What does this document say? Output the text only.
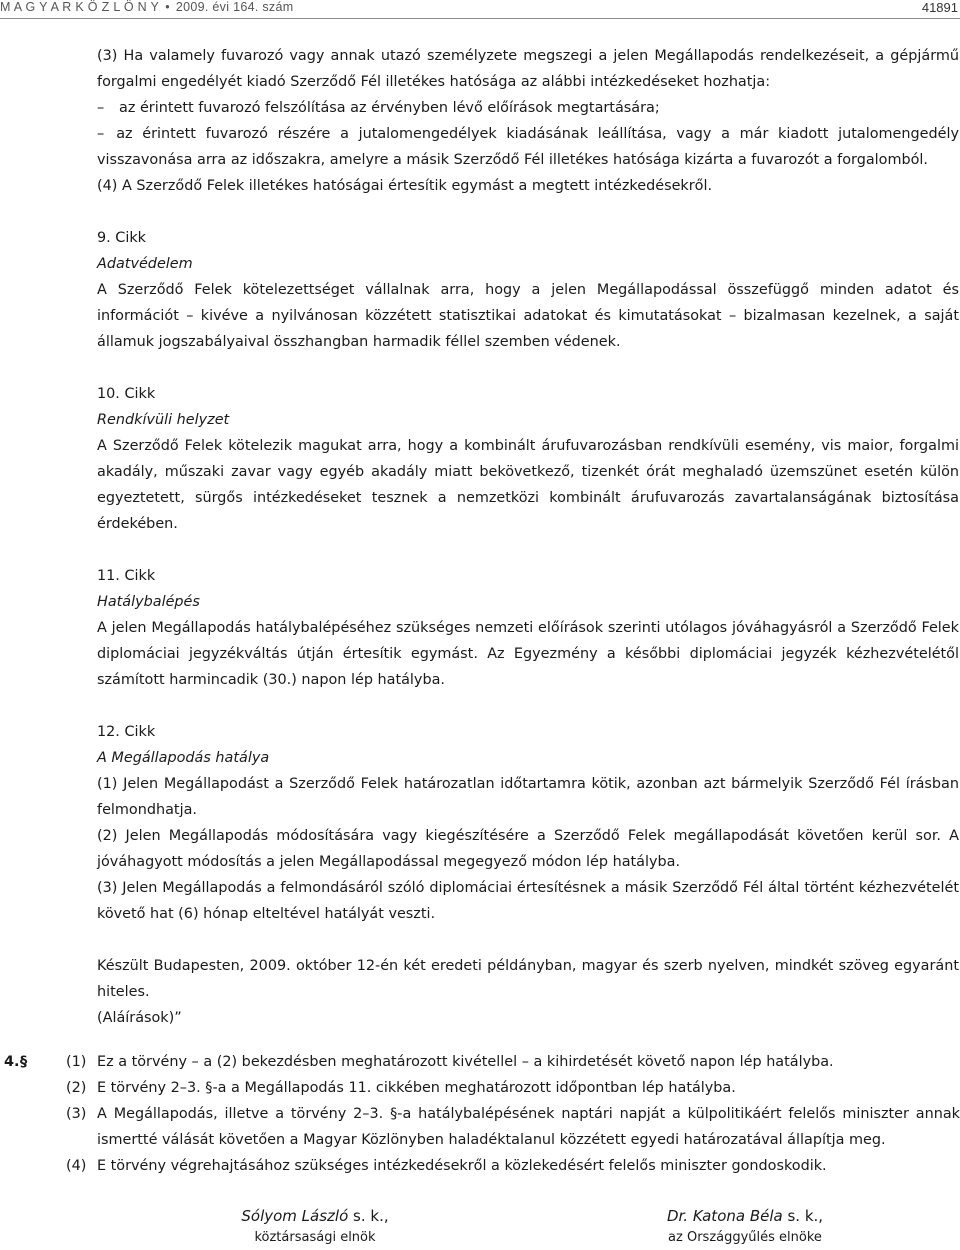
M A G Y A R K Ö Z L Ö N Y • 2009. évi 164. szám	41891

(3) Ha valamely fuvarozó vagy annak utazó személyzete megszegi a jelen Megállapodás rendelkezéseit, a gépjármű forgalmi engedélyét kiadó Szerződő Fél illetékes hatósága az alábbi intézkedéseket hozhatja:

– az érintett fuvarozó felszólítása az érvényben lévő előírások megtartására;
– az érintett fuvarozó részére a jutalomengedélyek kiadásának leállítása, vagy a már kiadott jutalomengedély visszavonása arra az időszakra, amelyre a másik Szerződő Fél illetékes hatósága kizárta a fuvarozót a forgalomból.

(4) A Szerződő Felek illetékes hatóságai értesítik egymást a megtett intézkedésekről.

9. Cikk

Adatvédelem

A Szerződő Felek kötelezettséget vállalnak arra, hogy a jelen Megállapodással összefüggő minden adatot és információt – kivéve a nyilvánosan közzétett statisztikai adatokat és kimutatásokat – bizalmasan kezelnek, a saját államuk jogszabályaival összhangban harmadik féllel szemben védenek.

10. Cikk

Rendkívüli helyzet

A Szerződő Felek kötelezik magukat arra, hogy a kombinált árufuvarozásban rendkívüli esemény, vis maior, forgalmi akadály, műszaki zavar vagy egyéb akadály miatt bekövetkező, tizenkét órát meghaladó üzemszünet esetén külön egyeztetett, sürgős intézkedéseket tesznek a nemzetközi kombinált árufuvarozás zavartalanságának biztosítása érdekében.

11. Cikk

Hatálybalépés

A jelen Megállapodás hatálybalépéséhez szükséges nemzeti előírások szerinti utólagos jóváhagyásról a Szerződő Felek diplomáciai jegyzékváltás útján értesítik egymást. Az Egyezmény a későbbi diplomáciai jegyzék kézhezvételétől számított harmincadik (30.) napon lép hatályba.

12. Cikk

A Megállapodás hatálya

(1) Jelen Megállapodást a Szerződő Felek határozatlan időtartamra kötik, azonban azt bármelyik Szerződő Fél írásban felmondhatja.

(2) Jelen Megállapodás módosítására vagy kiegészítésére a Szerződő Felek megállapodását követően kerül sor. A jóváhagyott módosítás a jelen Megállapodással megegyező módon lép hatályba.

(3) Jelen Megállapodás a felmondásáról szóló diplomáciai értesítésnek a másik Szerződő Fél által történt kézhezvételét követő hat (6) hónap elteltével hatályát veszti.

Készült Budapesten, 2009. október 12-én két eredeti példányban, magyar és szerb nyelven, mindkét szöveg egyaránt hiteles.

(Aláírások)”

4. §	(1) Ez a törvény – a (2) bekezdésben meghatározott kivétellel – a kihirdetését követő napon lép hatályba.
(2) E törvény 2–3. §-a a Megállapodás 11. cikkében meghatározott időpontban lép hatályba.
(3) A Megállapodás, illetve a törvény 2–3. §-a hatálybalépésének naptári napját a külpolitikáért felelős miniszter annak ismertté válását követően a Magyar Közlönyben haladéktalanul közzétett egyedi határozatával állapítja meg.
(4) E törvény végrehajtásához szükséges intézkedésekről a közlekedésért felelős miniszter gondoskodik.
Sólyom László s. k.,
köztársasági elnök
Dr. Katona Béla s. k.,
az Országgyűlés elnöke
